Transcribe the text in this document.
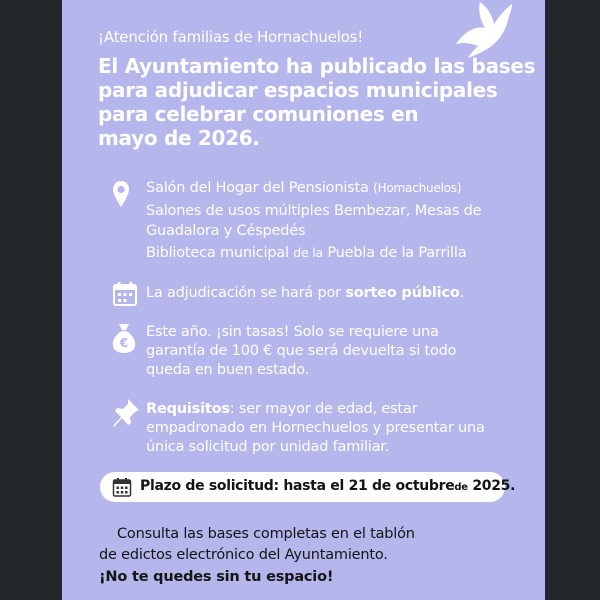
¡Atención familias de Hornachuelos!
El Ayuntamiento ha publicado las bases
para adjudicar espacios municipales
para celebrar comuniones en
mayo de 2026.
Salón del Hogar del Pensionista (Homachuelos)
Salones de usos múltiples Bembezar, Mesas de Guadalora y Céspedés
Biblioteca municipal de la Puebla de la Parrilla
La adjudicación se hará por sorteo público.
€
Este año. ¡sin tasas! Solo se requiere una garantía de 100 € que será devuelta si todo queda en buen estado.
Requisitos: ser mayor de edad, estar empadronado en Hornechuelos y presentar una única solicitud por unidad familiar.
Plazo de solicitud: hasta el 21 de octubrede 2025.
Consulta las bases completas en el tablón
de edictos electrónico del Ayuntamiento.
¡No te quedes sin tu espacio!
